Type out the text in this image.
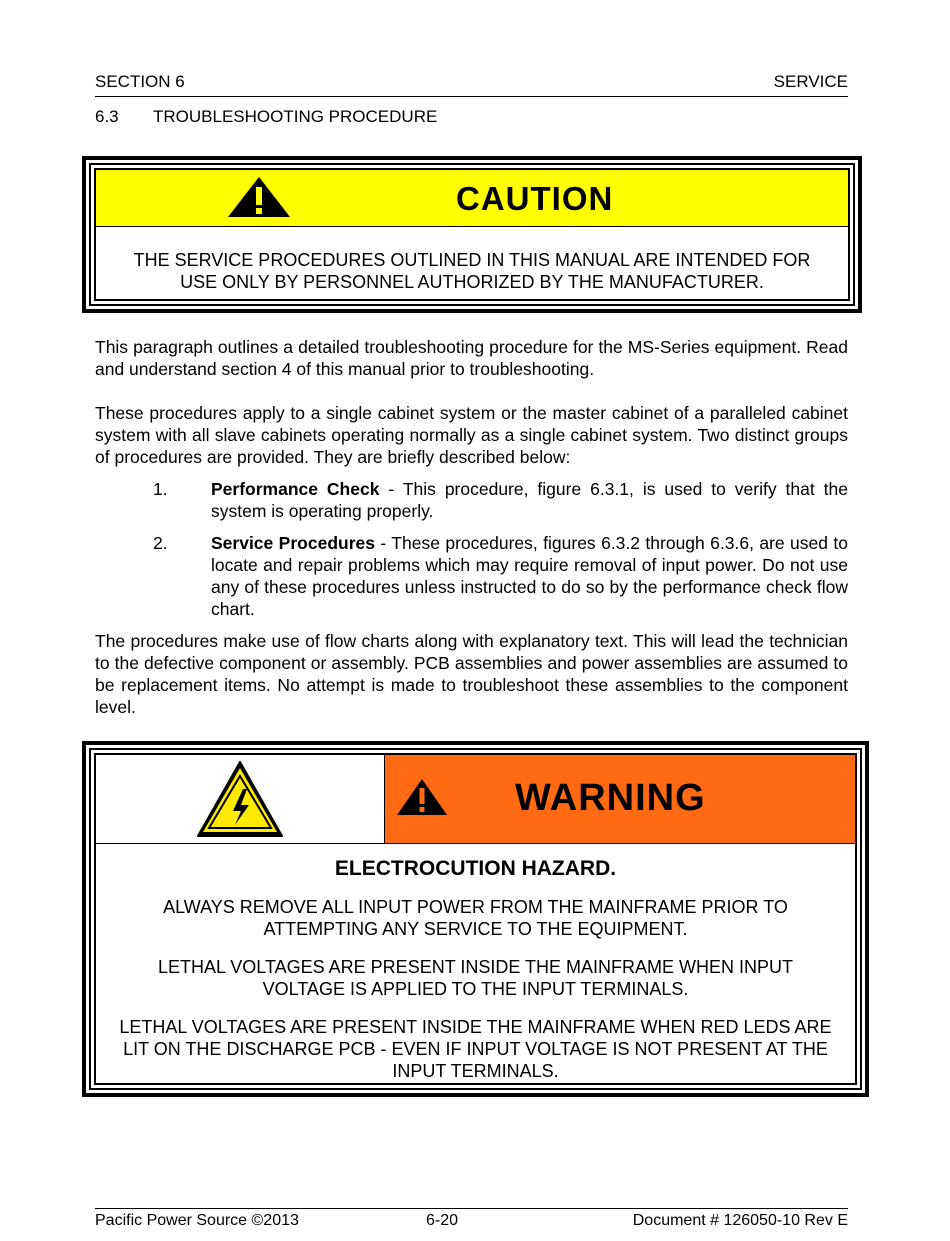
SECTION 6	SERVICE
6.3 TROUBLESHOOTING PROCEDURE
CAUTION
THE SERVICE PROCEDURES OUTLINED IN THIS MANUAL ARE INTENDED FOR
USE ONLY BY PERSONNEL AUTHORIZED BY THE MANUFACTURER.
This paragraph outlines a detailed troubleshooting procedure for the MS-Series equipment. Read and understand section 4 of this manual prior to troubleshooting.
These procedures apply to a single cabinet system or the master cabinet of a paralleled cabinet system with all slave cabinets operating normally as a single cabinet system. Two distinct groups of procedures are provided. They are briefly described below:
1. Performance Check - This procedure, figure 6.3.1, is used to verify that the system is operating properly.
2. Service Procedures - These procedures, figures 6.3.2 through 6.3.6, are used to locate and repair problems which may require removal of input power. Do not use any of these procedures unless instructed to do so by the performance check flow chart.
The procedures make use of flow charts along with explanatory text. This will lead the technician to the defective component or assembly. PCB assemblies and power assemblies are assumed to be replacement items. No attempt is made to troubleshoot these assemblies to the component level.
WARNING
ELECTROCUTION HAZARD.
ALWAYS REMOVE ALL INPUT POWER FROM THE MAINFRAME PRIOR TO ATTEMPTING ANY SERVICE TO THE EQUIPMENT.
LETHAL VOLTAGES ARE PRESENT INSIDE THE MAINFRAME WHEN INPUT VOLTAGE IS APPLIED TO THE INPUT TERMINALS.
LETHAL VOLTAGES ARE PRESENT INSIDE THE MAINFRAME WHEN RED LEDS ARE LIT ON THE DISCHARGE PCB - EVEN IF INPUT VOLTAGE IS NOT PRESENT AT THE INPUT TERMINALS.
Pacific Power Source ©2013	6-20	Document # 126050-10 Rev E
